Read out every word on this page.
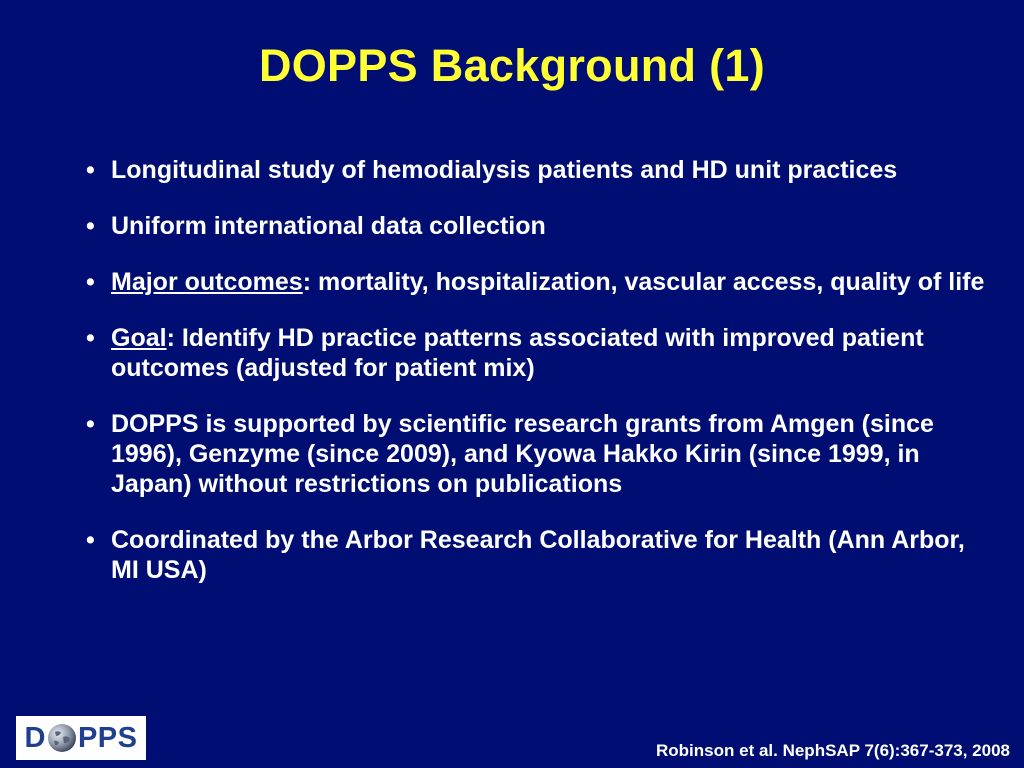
DOPPS Background (1)
• Longitudinal study of hemodialysis patients and HD unit practices
• Uniform international data collection
• Major outcomes: mortality, hospitalization, vascular access, quality of life
• Goal: Identify HD practice patterns associated with improved patient outcomes (adjusted for patient mix)
• DOPPS is supported by scientific research grants from Amgen (since 1996), Genzyme (since 2009), and Kyowa Hakko Kirin (since 1999, in Japan) without restrictions on publications
• Coordinated by the Arbor Research Collaborative for Health (Ann Arbor, MI USA)
D PPS	Robinson et al. NephSAP 7(6):367-373, 2008
